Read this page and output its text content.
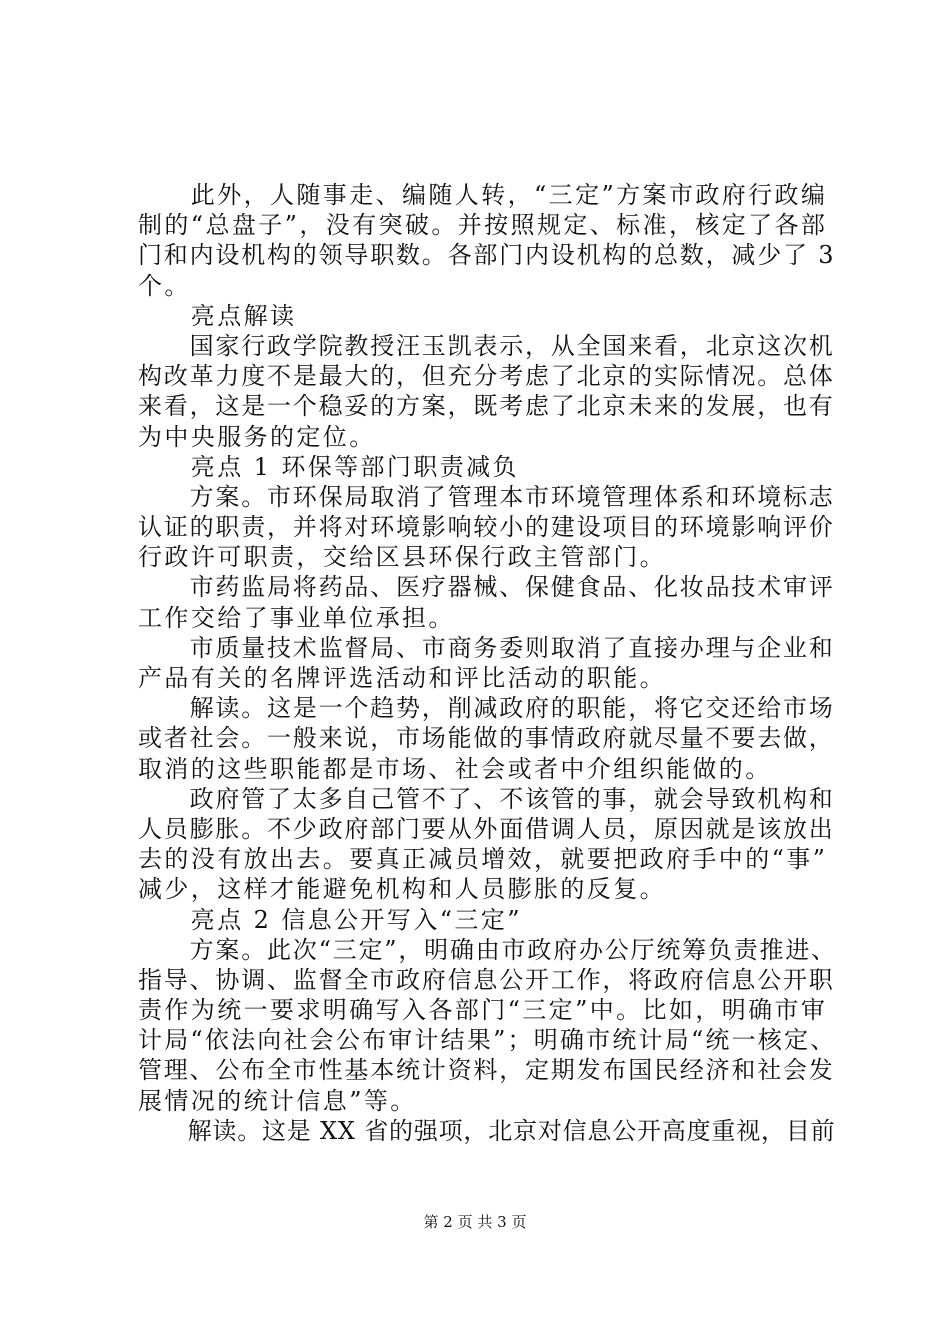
　　此外，人随事走、编随人转，“三定”方案市政府行政编
制的“总盘子”，没有突破。并按照规定、标准，核定了各部
门和内设机构的领导职数。各部门内设机构的总数，减少了 3
个。
　　亮点解读
　　国家行政学院教授汪玉凯表示，从全国来看，北京这次机
构改革力度不是最大的，但充分考虑了北京的实际情况。总体
来看，这是一个稳妥的方案，既考虑了北京未来的发展，也有
为中央服务的定位。
　　亮点 1 环保等部门职责减负
　　方案。市环保局取消了管理本市环境管理体系和环境标志
认证的职责，并将对环境影响较小的建设项目的环境影响评价
行政许可职责，交给区县环保行政主管部门。
　　市药监局将药品、医疗器械、保健食品、化妆品技术审评
工作交给了事业单位承担。
　　市质量技术监督局、市商务委则取消了直接办理与企业和
产品有关的名牌评选活动和评比活动的职能。
　　解读。这是一个趋势，削减政府的职能，将它交还给市场
或者社会。一般来说，市场能做的事情政府就尽量不要去做，
取消的这些职能都是市场、社会或者中介组织能做的。
　　政府管了太多自己管不了、不该管的事，就会导致机构和
人员膨胀。不少政府部门要从外面借调人员，原因就是该放出
去的没有放出去。要真正减员增效，就要把政府手中的“事”
减少，这样才能避免机构和人员膨胀的反复。
　　亮点 2 信息公开写入“三定”
　　方案。此次“三定”，明确由市政府办公厅统筹负责推进、
指导、协调、监督全市政府信息公开工作，将政府信息公开职
责作为统一要求明确写入各部门“三定”中。比如，明确市审
计局“依法向社会公布审计结果”；明确市统计局“统一核定、
管理、公布全市性基本统计资料，定期发布国民经济和社会发
展情况的统计信息”等。
　　解读。这是 XX 省的强项，北京对信息公开高度重视，目前
第 2 页 共 3 页
